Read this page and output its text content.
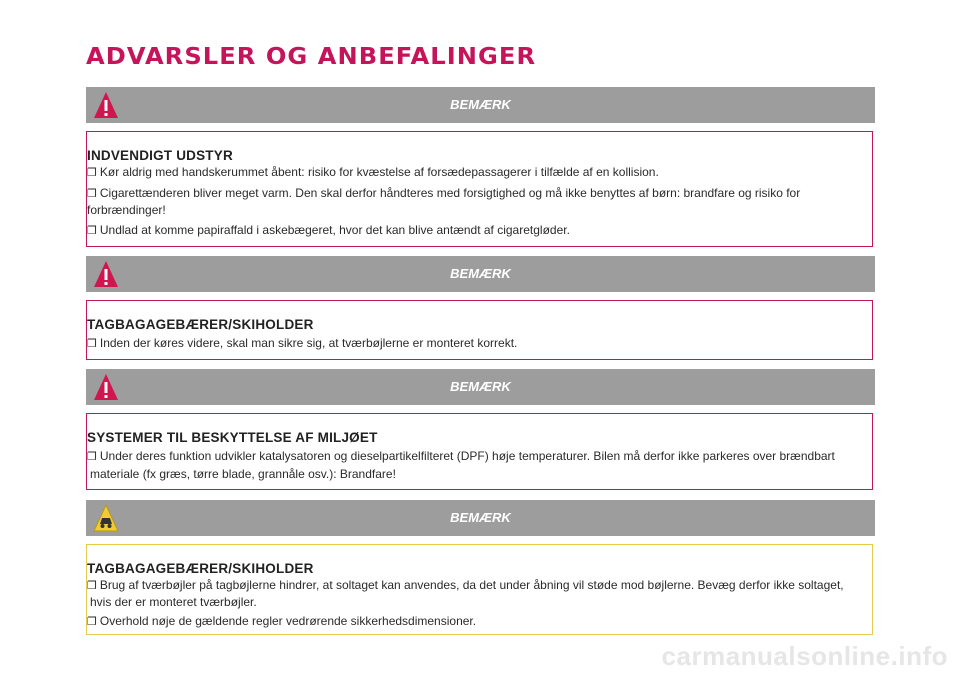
ADVARSLER OG ANBEFALINGER
BEMÆRK
INDVENDIGT UDSTYR
❒ Kør aldrig med handskerummet åbent: risiko for kvæstelse af forsædepassagerer i tilfælde af en kollision.
❒ Cigarettænderen bliver meget varm. Den skal derfor håndteres med forsigtighed og må ikke benyttes af børn: brandfare og risiko for
forbrændinger!
❒ Undlad at komme papiraffald i askebægeret, hvor det kan blive antændt af cigaretgløder.
BEMÆRK
TAGBAGAGEBÆRER/SKIHOLDER
❒ Inden der køres videre, skal man sikre sig, at tværbøjlerne er monteret korrekt.
BEMÆRK
SYSTEMER TIL BESKYTTELSE AF MILJØET
❒ Under deres funktion udvikler katalysatoren og dieselpartikelfilteret (DPF) høje temperaturer. Bilen må derfor ikke parkeres over brændbart
materiale (fx græs, tørre blade, grannåle osv.): Brandfare!
BEMÆRK
TAGBAGAGEBÆRER/SKIHOLDER
❒ Brug af tværbøjler på tagbøjlerne hindrer, at soltaget kan anvendes, da det under åbning vil støde mod bøjlerne. Bevæg derfor ikke soltaget,
hvis der er monteret tværbøjler.
❒ Overhold nøje de gældende regler vedrørende sikkerhedsdimensioner.
carmanualsonline.info
